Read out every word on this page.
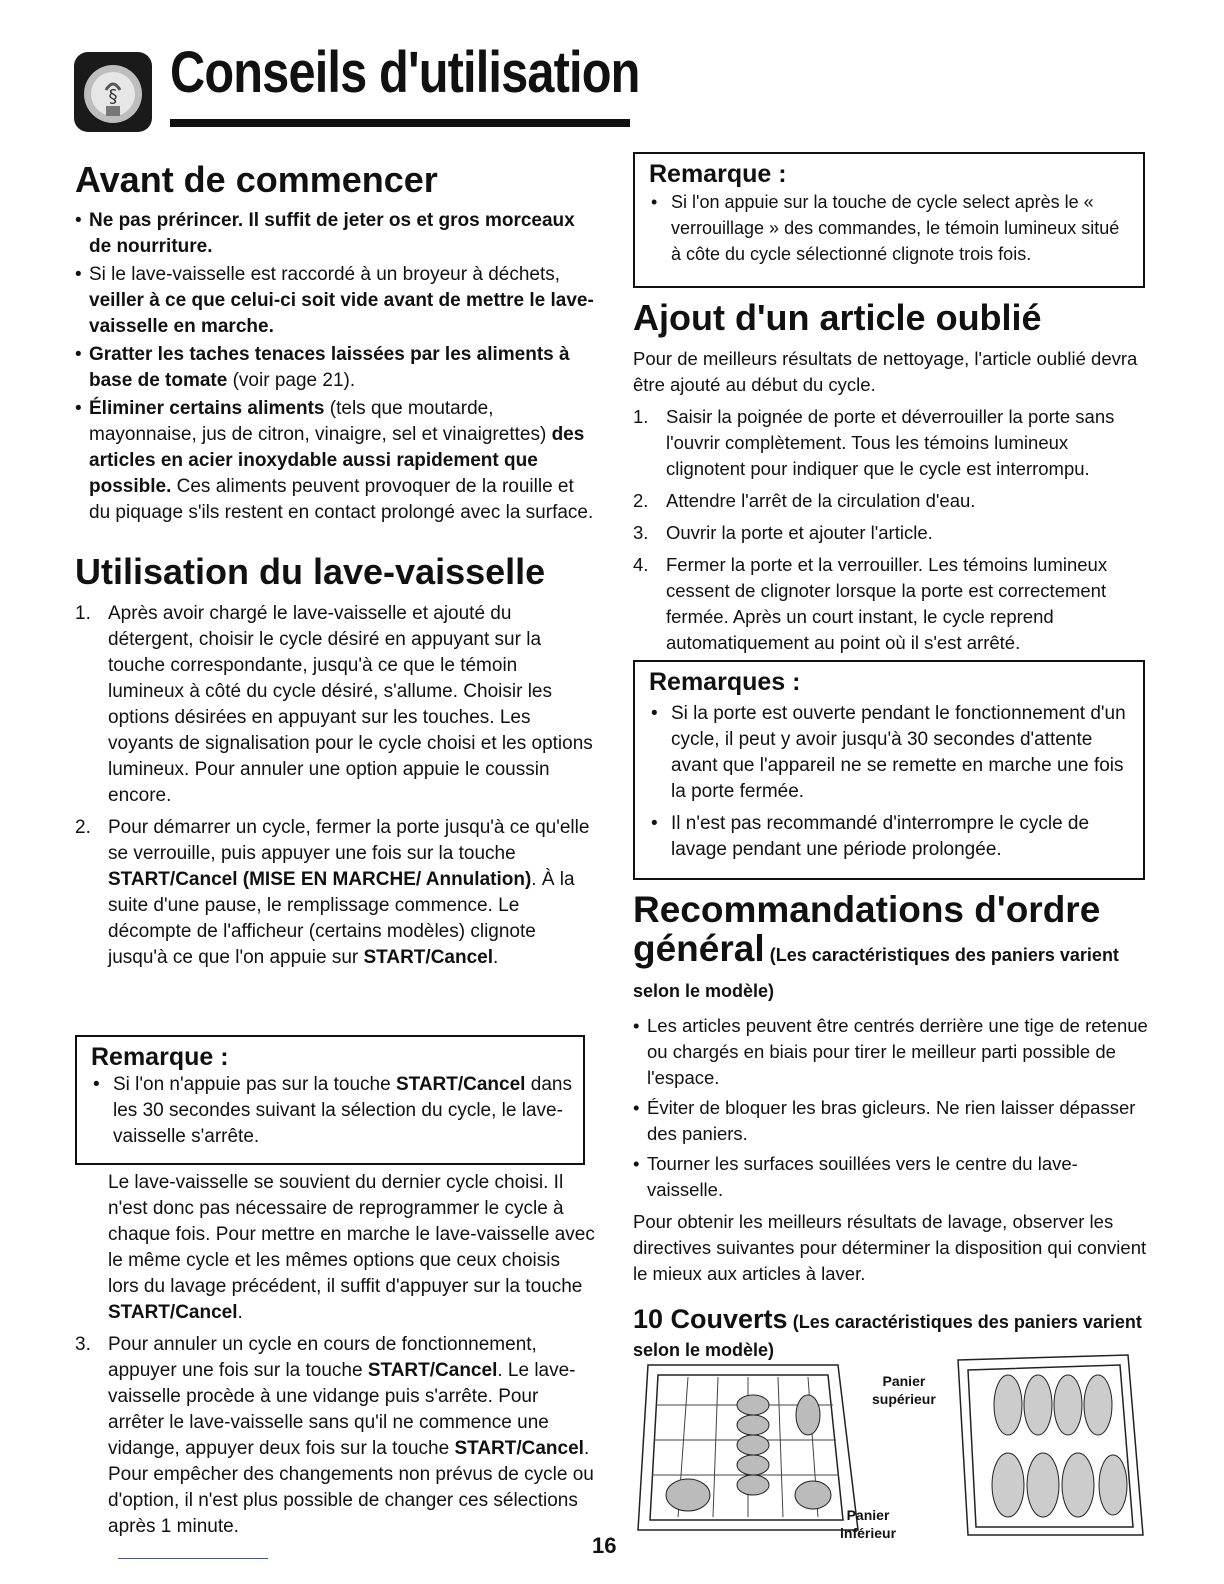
§ Conseils d'utilisation
Avant de commencer
• Ne pas prérincer. Il suffit de jeter os et gros morceaux de nourriture.
• Si le lave-vaisselle est raccordé à un broyeur à déchets, veiller à ce que celui-ci soit vide avant de mettre le lave-vaisselle en marche.
• Gratter les taches tenaces laissées par les aliments à base de tomate (voir page 21).
• Éliminer certains aliments (tels que moutarde, mayonnaise, jus de citron, vinaigre, sel et vinaigrettes) des articles en acier inoxydable aussi rapidement que possible. Ces aliments peuvent provoquer de la rouille et du piquage s'ils restent en contact prolongé avec la surface.
Utilisation du lave-vaisselle
1. Après avoir chargé le lave-vaisselle et ajouté du détergent, choisir le cycle désiré en appuyant sur la touche correspondante, jusqu'à ce que le témoin lumineux à côté du cycle désiré, s'allume. Choisir les options désirées en appuyant sur les touches. Les voyants de signalisation pour le cycle choisi et les options lumineux. Pour annuler une option appuie le coussin encore.
2. Pour démarrer un cycle, fermer la porte jusqu'à ce qu'elle se verrouille, puis appuyer une fois sur la touche START/Cancel (MISE EN MARCHE/ Annulation). À la suite d'une pause, le remplissage commence. Le décompte de l'afficheur (certains modèles) clignote jusqu'à ce que l'on appuie sur START/Cancel.
Remarque :
• Si l'on n'appuie pas sur la touche START/Cancel dans les 30 secondes suivant la sélection du cycle, le lave-vaisselle s'arrête.

Le lave-vaisselle se souvient du dernier cycle choisi. Il n'est donc pas nécessaire de reprogrammer le cycle à chaque fois. Pour mettre en marche le lave-vaisselle avec le même cycle et les mêmes options que ceux choisis lors du lavage précédent, il suffit d'appuyer sur la touche START/Cancel.

3. Pour annuler un cycle en cours de fonctionnement, appuyer une fois sur la touche START/Cancel. Le lave-vaisselle procède à une vidange puis s'arrête. Pour arrêter le lave-vaisselle sans qu'il ne commence une vidange, appuyer deux fois sur la touche START/Cancel. Pour empêcher des changements non prévus de cycle ou d'option, il n'est plus possible de changer ces sélections après 1 minute.
Remarque :
• Si l'on appuie sur la touche de cycle select après le « verrouillage » des commandes, le témoin lumineux situé à côte du cycle sélectionné clignote trois fois.
Ajout d'un article oublié

Pour de meilleurs résultats de nettoyage, l'article oublié devra être ajouté au début du cycle.

1. Saisir la poignée de porte et déverrouiller la porte sans l'ouvrir complètement. Tous les témoins lumineux clignotent pour indiquer que le cycle est interrompu.
2. Attendre l'arrêt de la circulation d'eau.
3. Ouvrir la porte et ajouter l'article.
4. Fermer la porte et la verrouiller. Les témoins lumineux cessent de clignoter lorsque la porte est correctement fermée. Après un court instant, le cycle reprend automatiquement au point où il s'est arrêté.
Remarques :
• Si la porte est ouverte pendant le fonctionnement d'un cycle, il peut y avoir jusqu'à 30 secondes d'attente avant que l'appareil ne se remette en marche une fois la porte fermée.
• Il n'est pas recommandé d'interrompre le cycle de lavage pendant une période prolongée.
Recommandations d'ordre
général (Les caractéristiques des paniers varient selon le modèle)
• Les articles peuvent être centrés derrière une tige de retenue ou chargés en biais pour tirer le meilleur parti possible de l'espace.
• Éviter de bloquer les bras gicleurs. Ne rien laisser dépasser des paniers.
• Tourner les surfaces souillées vers le centre du lave-vaisselle.

Pour obtenir les meilleurs résultats de lavage, observer les directives suivantes pour déterminer la disposition qui convient le mieux aux articles à laver.

10 Couverts (Les caractéristiques des paniers varient selon le modèle)
Panier
supérieur
Panier
inférieur
16
